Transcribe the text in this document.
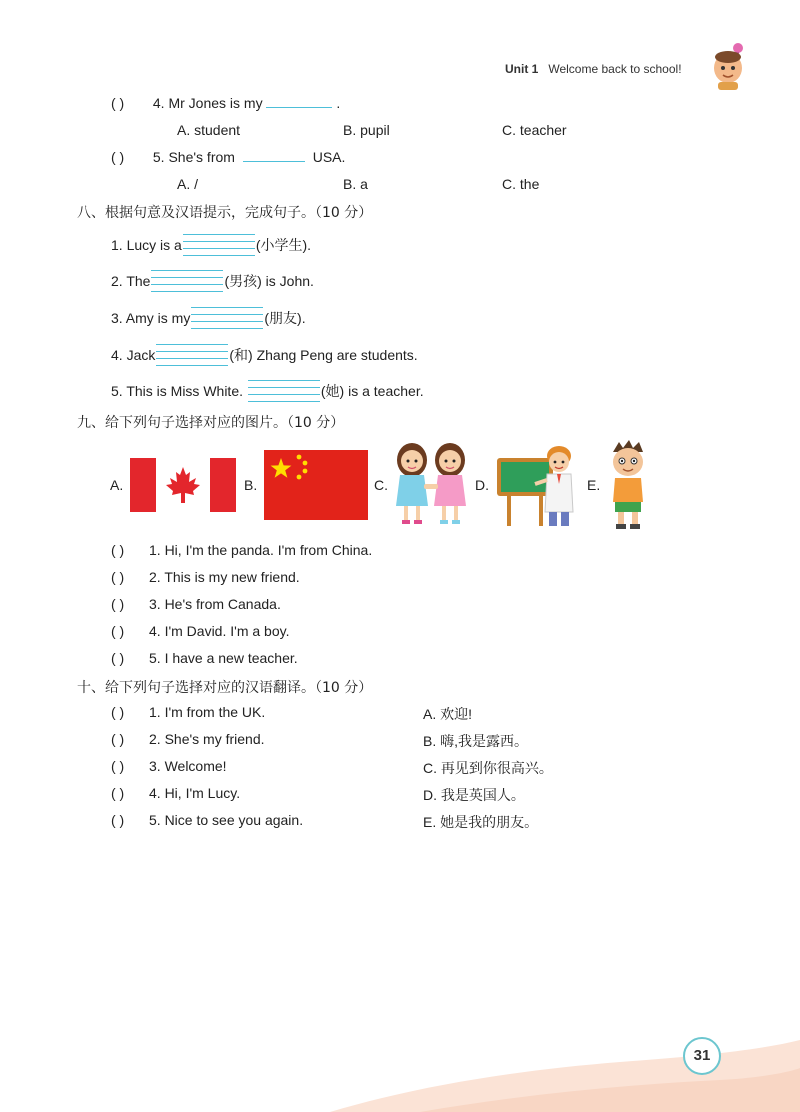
Unit 1 Welcome back to school!
( ) 4. Mr Jones is my	.
A. student	B. pupil	C. teacher
( ) 5. She's from	USA.
A. /	B. a	C. the
八、根据句意及汉语提示，完成句子。（10 分）
1. Lucy is a	(小学生).
2. The	(男孩) is John.
3. Amy is my	(朋友).
4. Jack	(和) Zhang Peng are students.
5. This is Miss White.	(她) is a teacher.
九、给下列句子选择对应的图片。（10 分）
A.	B.	C.	D.	E.
( ) 1. Hi, I'm the panda. I'm from China.
( ) 2. This is my new friend.
( ) 3. He's from Canada.
( ) 4. I'm David. I'm a boy.
( ) 5. I have a new teacher.
十、给下列句子选择对应的汉语翻译。（10 分）
( ) 1. I'm from the UK.	A. 欢迎!
( ) 2. She's my friend.	B. 嗨,我是露西。
( ) 3. Welcome!	C. 再见到你很高兴。
( ) 4. Hi, I'm Lucy.	D. 我是英国人。
( ) 5. Nice to see you again.	E. 她是我的朋友。
31
